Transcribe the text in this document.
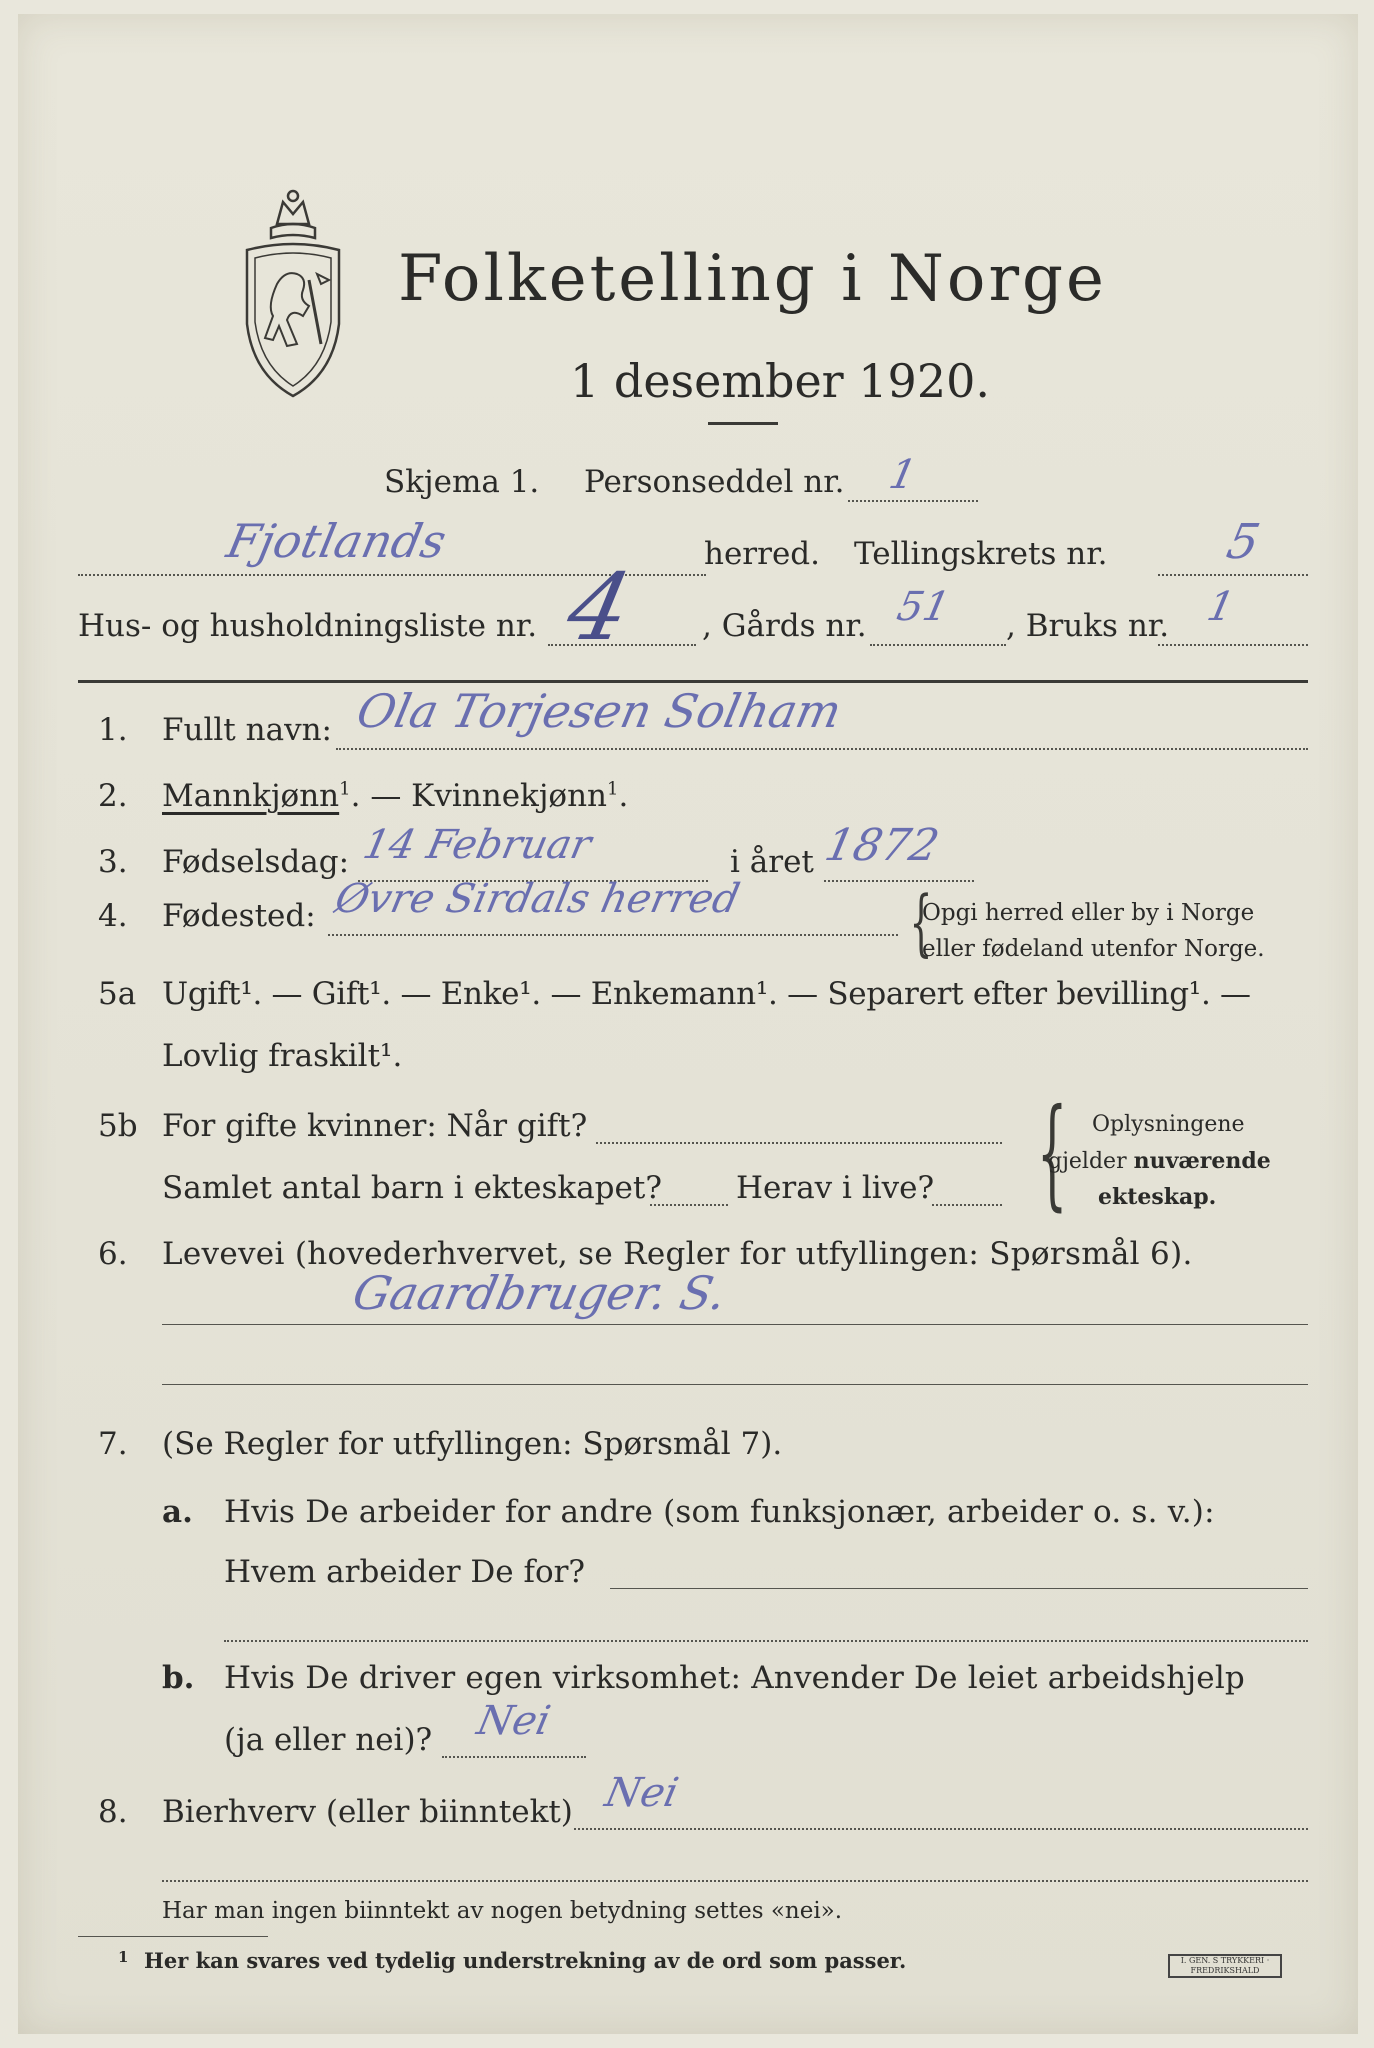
Folketelling i Norge
1 desember 1920.
Skjema 1. Personseddel nr. 1
Fjotlands	herred. Tellingskrets nr. 5
Hus- og husholdningsliste nr. 4 , Gårds nr. 51 , Bruks nr. 1
1. Fullt navn: Ola Torjesen Solham
2. Mannkjønn$^1$. — Kvinnekjønn$^1$.
3. Fødselsdag: 14 Februar	i året 1872
4. Fødested: Øvre Sirdals herred {
Opgi herred eller by i Norge
eller fødeland utenfor Norge.
5a Ugift¹. — Gift¹. — Enke¹. — Enkemann¹. — Separert efter bevilling¹. —
Lovlig fraskilt¹.
5b For gifte kvinner: Når gift?
Samlet antal barn i ekteskapet? Herav i live? { Oplysningene
gjelder nuværende
ekteskap.
6. Levevei (hovederhvervet, se Regler for utfyllingen: Spørsmål 6).
Gaardbruger. S.
7. (Se Regler for utfyllingen: Spørsmål 7).
a. Hvis De arbeider for andre (som funksjonær, arbeider o. s. v.):
Hvem arbeider De for?
b. Hvis De driver egen virksomhet: Anvender De leiet arbeidshjelp
(ja eller nei)? Nei
8. Bierhverv (eller biinntekt) Nei
Har man ingen biinntekt av nogen betydning settes «nei».
1 Her kan svares ved tydelig understrekning av de ord som passer.	I. GEN. S TRYKKERI · FREDRIKSHALD
